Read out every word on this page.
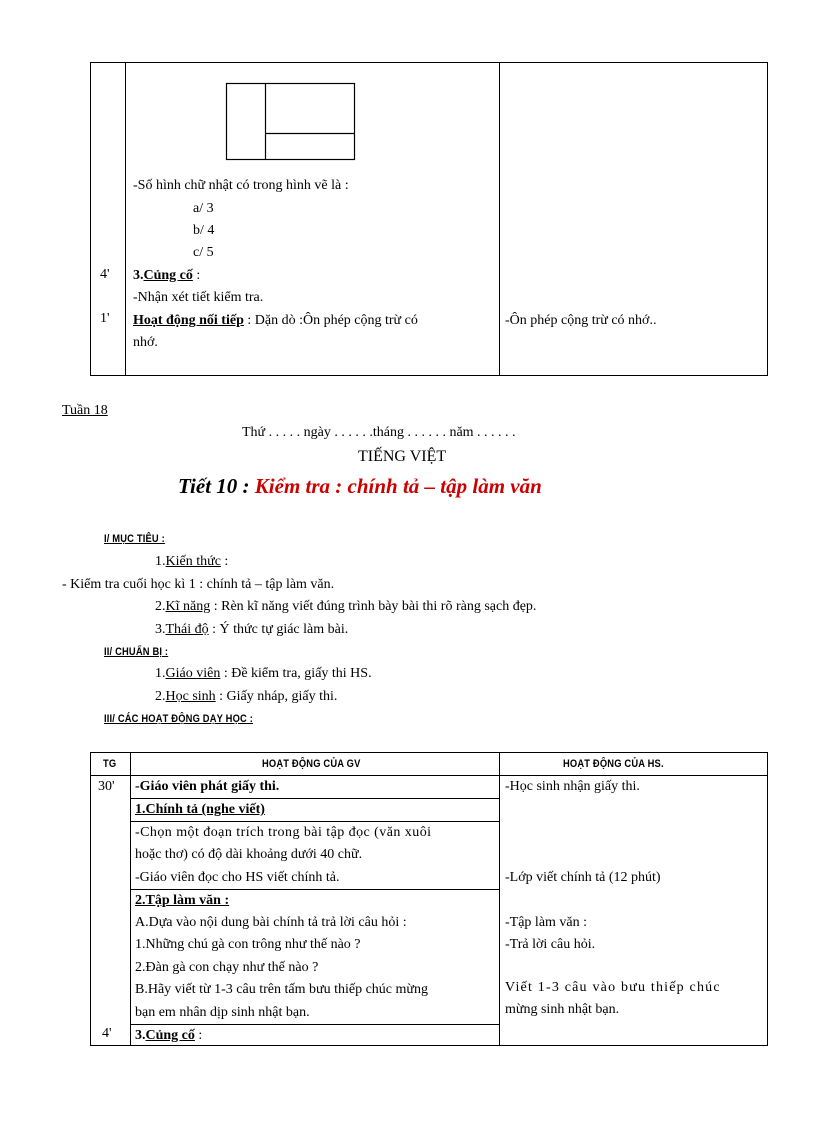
-Số hình chữ nhật có trong hình vẽ là :
a/ 3
b/ 4
c/ 5
4' 3.Củng cố :
-Nhận xét tiết kiểm tra.
1' Hoạt động nối tiếp : Dặn dò :Ôn phép cộng trừ có
nhớ.
-Ôn phép cộng trừ có nhớ..
Tuần 18
Thứ . . . . . ngày . . . . . .tháng . . . . . . năm . . . . . .
TIẾNG VIỆT
Tiết 10 : Kiểm tra : chính tả – tập làm văn
I/ MỤC TIÊU :
1.Kiến thức :
- Kiểm tra cuối học kì 1 : chính tả – tập làm văn.
2.Kĩ năng : Rèn kĩ năng viết đúng trình bày bài thi rõ ràng sạch đẹp.
3.Thái độ : Ý thức tự giác làm bài.
II/ CHUẨN BỊ :
1.Giáo viên : Đề kiểm tra, giấy thi HS.
2.Học sinh : Giấy nháp, giấy thi.
III/ CÁC HOẠT ĐỘNG DẠY HỌC :
TG	HOẠT ĐỘNG CỦA GV	HOẠT ĐỘNG CỦA HS.
30' -Giáo viên phát giấy thi.
1.Chính tả (nghe viết)
-Chọn một đoạn trích trong bài tập đọc (văn xuôi
hoặc thơ) có độ dài khoảng dưới 40 chữ.
-Giáo viên đọc cho HS viết chính tả.
2.Tập làm văn :
A.Dựa vào nội dung bài chính tả trả lời câu hỏi :
1.Những chú gà con trông như thế nào ?
2.Đàn gà con chạy như thế nào ?
B.Hãy viết từ 1-3 câu trên tấm bưu thiếp chúc mừng
bạn em nhân dịp sinh nhật bạn.
4' 3.Củng cố :
-Học sinh nhận giấy thi.
-Lớp viết chính tả (12 phút)
-Tập làm văn :
-Trả lời câu hỏi.
Viết 1-3 câu vào bưu thiếp chúc
mừng sinh nhật bạn.
